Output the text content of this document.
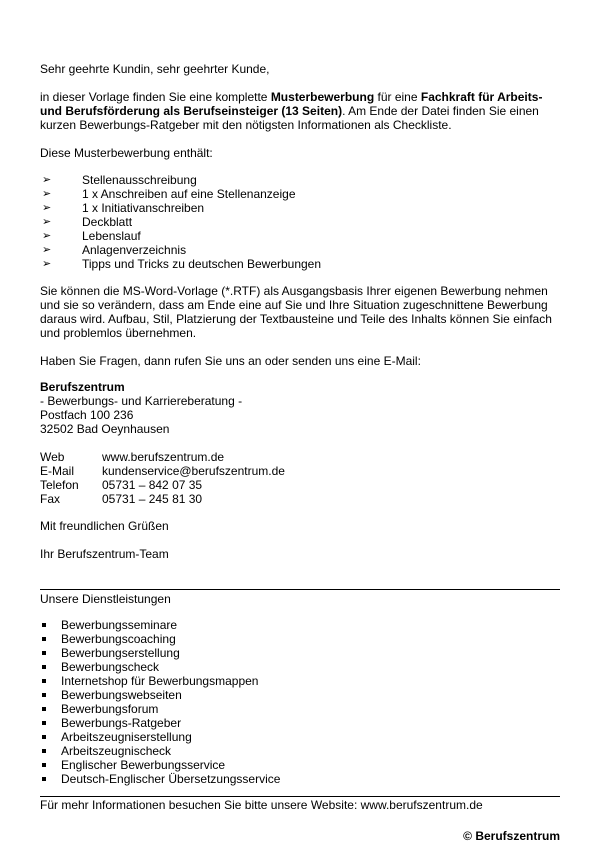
Sehr geehrte Kundin, sehr geehrter Kunde,

in dieser Vorlage finden Sie eine komplette Musterbewerbung für eine Fachkraft für Arbeits- und Berufsförderung als Berufseinsteiger (13 Seiten). Am Ende der Datei finden Sie einen kurzen Bewerbungs-Ratgeber mit den nötigsten Informationen als Checkliste.

Diese Musterbewerbung enthält:

➢	Stellenausschreibung
➢	1 x Anschreiben auf eine Stellenanzeige
➢	1 x Initiativanschreiben
➢	Deckblatt
➢	Lebenslauf
➢	Anlagenverzeichnis
➢	Tipps und Tricks zu deutschen Bewerbungen

Sie können die MS-Word-Vorlage (*.RTF) als Ausgangsbasis Ihrer eigenen Bewerbung nehmen und sie so verändern, dass am Ende eine auf Sie und Ihre Situation zugeschnittene Bewerbung daraus wird. Aufbau, Stil, Platzierung der Textbausteine und Teile des Inhalts können Sie einfach und problemlos übernehmen.

Haben Sie Fragen, dann rufen Sie uns an oder senden uns eine E-Mail:

Berufszentrum
- Bewerbungs- und Karriereberatung -
Postfach 100 236
32502 Bad Oeynhausen
Web	www.berufszentrum.de
E-Mail	kundenservice@berufszentrum.de
Telefon	05731 – 842 07 35
Fax	05731 – 245 81 30

Mit freundlichen Grüßen

Ihr Berufszentrum-Team

Unsere Dienstleistungen

Bewerbungsseminare
Bewerbungscoaching
Bewerbungserstellung
Bewerbungscheck
Internetshop für Bewerbungsmappen
Bewerbungswebseiten
Bewerbungsforum
Bewerbungs-Ratgeber
Arbeitszeugniserstellung
Arbeitszeugnischeck
Englischer Bewerbungsservice
Deutsch-Englischer Übersetzungsservice

Für mehr Informationen besuchen Sie bitte unsere Website: www.berufszentrum.de

© Berufszentrum
